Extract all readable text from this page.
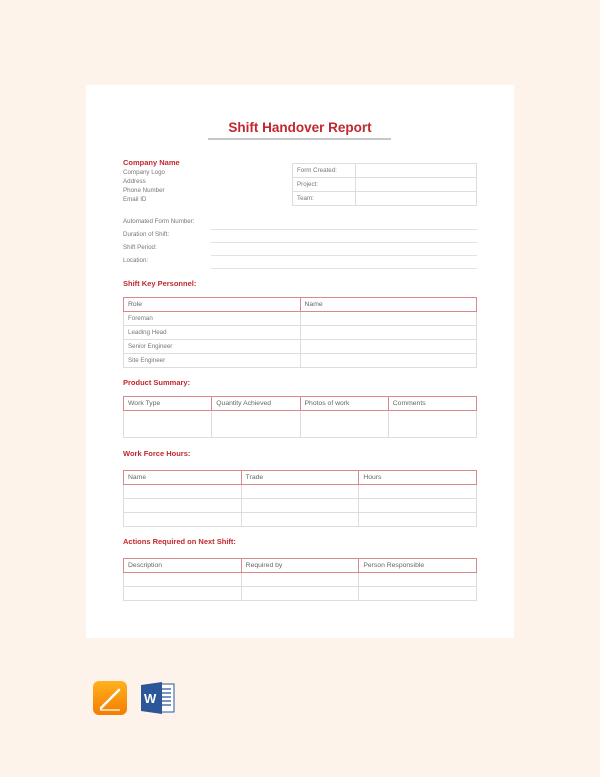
Shift Handover Report
Company Name
Company Logo
Address
Phone Number
Email ID
Form Created:	
Project:	
Team:	
Automated Form Number:
Duration of Shift:
Shift Period:
Location:
Shift Key Personnel:
Role	Name
Foreman	
Leading Head	
Senior Engineer	
Site Engineer	
Product Summary:
Work Type	Quantity Achieved	Photos of work	Comments

Work Force Hours:
Name	Trade	Hours

Actions Required on Next Shift:
Description	Required by	Person Responsible

W
